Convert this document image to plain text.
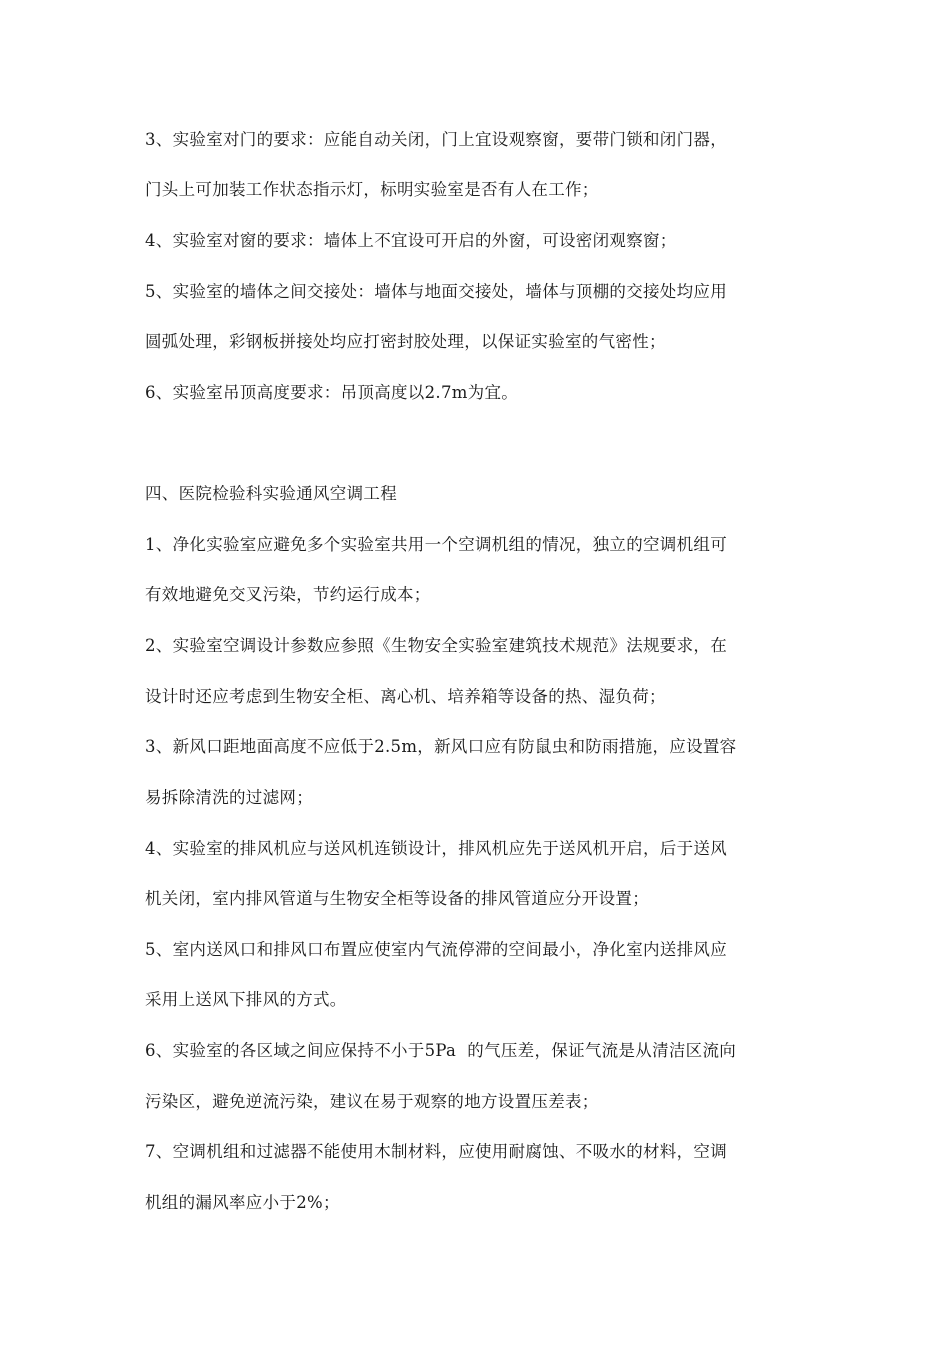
3、实验室对门的要求：应能自动关闭，门上宜设观察窗，要带门锁和闭门器，
门头上可加装工作状态指示灯，标明实验室是否有人在工作；
4、实验室对窗的要求：墙体上不宜设可开启的外窗，可设密闭观察窗；
5、实验室的墙体之间交接处：墙体与地面交接处，墙体与顶棚的交接处均应用
圆弧处理，彩钢板拼接处均应打密封胶处理，以保证实验室的气密性；
6、实验室吊顶高度要求：吊顶高度以2.7m为宜。
四、医院检验科实验通风空调工程
1、净化实验室应避免多个实验室共用一个空调机组的情况，独立的空调机组可
有效地避免交叉污染，节约运行成本；
2、实验室空调设计参数应参照《生物安全实验室建筑技术规范》法规要求，在
设计时还应考虑到生物安全柜、离心机、培养箱等设备的热、湿负荷；
3、新风口距地面高度不应低于2.5m，新风口应有防鼠虫和防雨措施，应设置容
易拆除清洗的过滤网；
4、实验室的排风机应与送风机连锁设计，排风机应先于送风机开启，后于送风
机关闭，室内排风管道与生物安全柜等设备的排风管道应分开设置；
5、室内送风口和排风口布置应使室内气流停滞的空间最小，净化室内送排风应
采用上送风下排风的方式。
6、实验室的各区域之间应保持不小于5Pa  的气压差，保证气流是从清洁区流向
污染区，避免逆流污染，建议在易于观察的地方设置压差表；
7、空调机组和过滤器不能使用木制材料，应使用耐腐蚀、不吸水的材料，空调
机组的漏风率应小于2%；
